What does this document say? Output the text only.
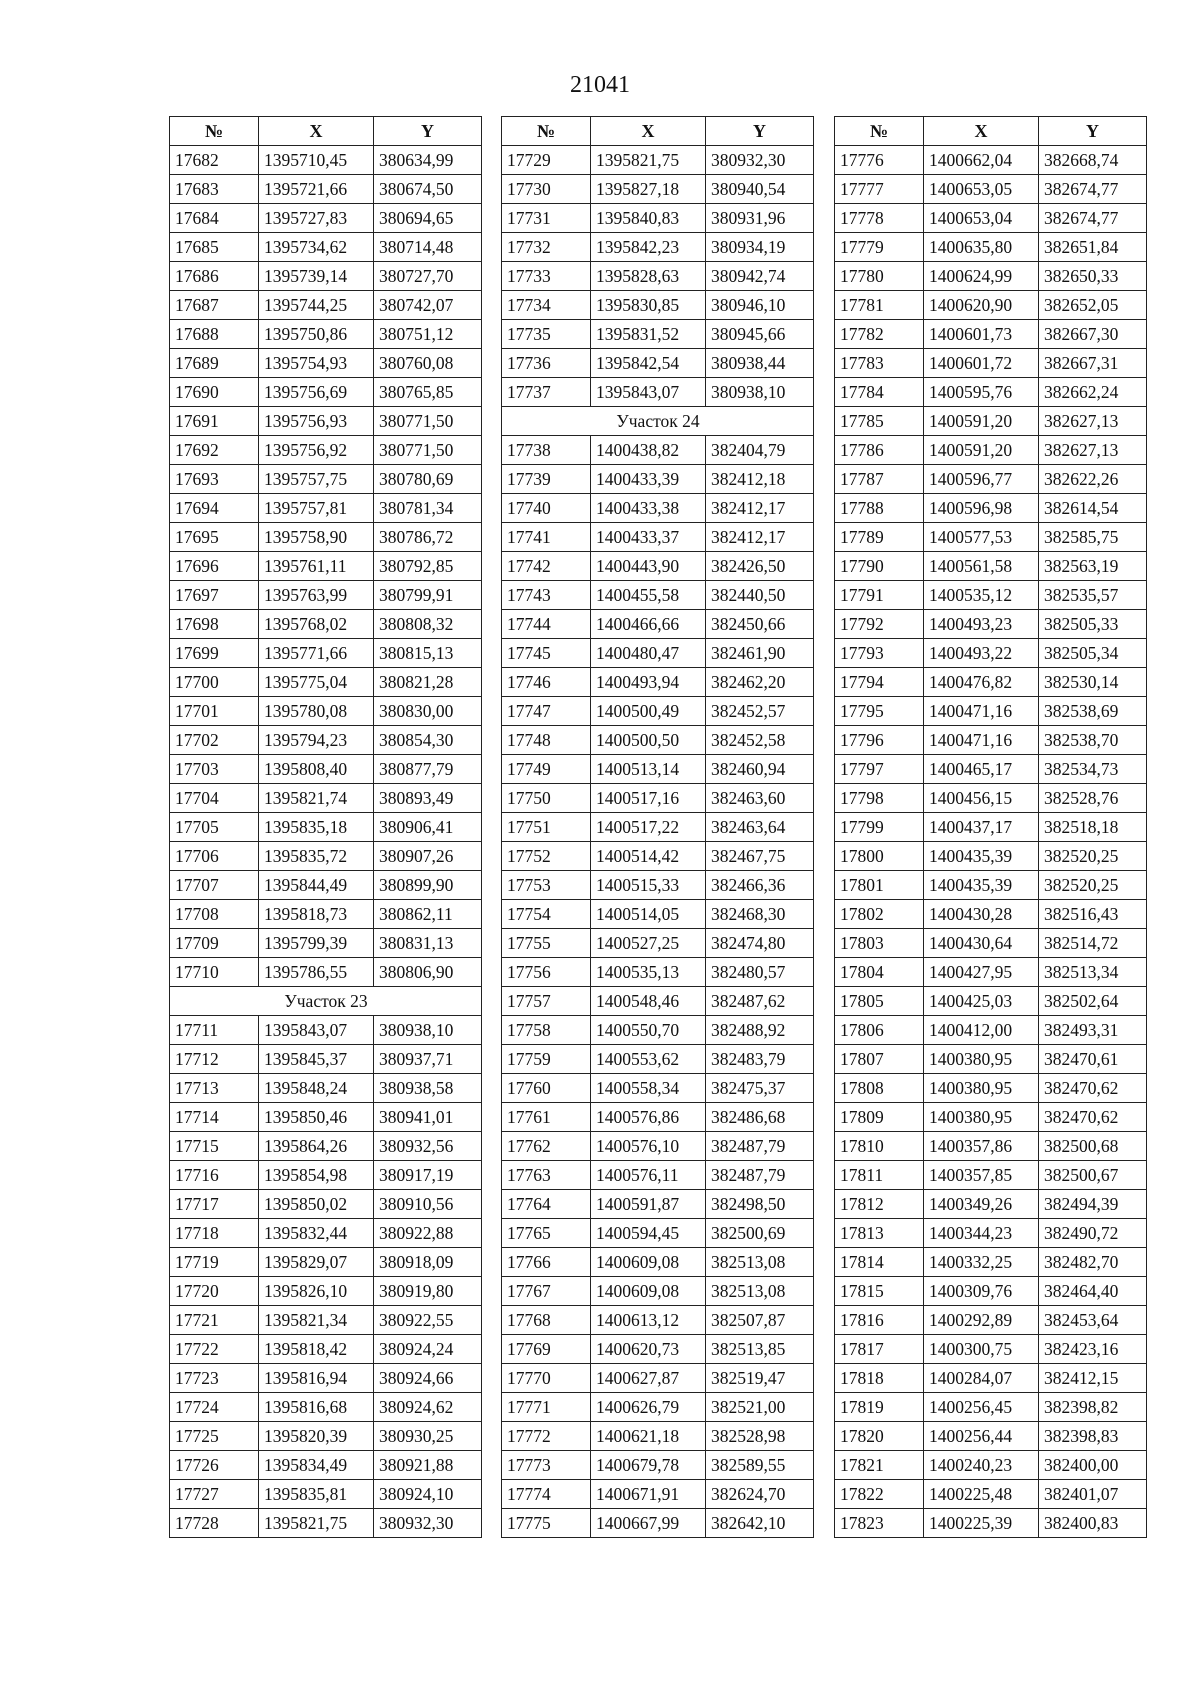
21041
№	X	Y
17682	1395710,45	380634,99
17683	1395721,66	380674,50
17684	1395727,83	380694,65
17685	1395734,62	380714,48
17686	1395739,14	380727,70
17687	1395744,25	380742,07
17688	1395750,86	380751,12
17689	1395754,93	380760,08
17690	1395756,69	380765,85
17691	1395756,93	380771,50
17692	1395756,92	380771,50
17693	1395757,75	380780,69
17694	1395757,81	380781,34
17695	1395758,90	380786,72
17696	1395761,11	380792,85
17697	1395763,99	380799,91
17698	1395768,02	380808,32
17699	1395771,66	380815,13
17700	1395775,04	380821,28
17701	1395780,08	380830,00
17702	1395794,23	380854,30
17703	1395808,40	380877,79
17704	1395821,74	380893,49
17705	1395835,18	380906,41
17706	1395835,72	380907,26
17707	1395844,49	380899,90
17708	1395818,73	380862,11
17709	1395799,39	380831,13
17710	1395786,55	380806,90
Участок 23		
17711	1395843,07	380938,10
17712	1395845,37	380937,71
17713	1395848,24	380938,58
17714	1395850,46	380941,01
17715	1395864,26	380932,56
17716	1395854,98	380917,19
17717	1395850,02	380910,56
17718	1395832,44	380922,88
17719	1395829,07	380918,09
17720	1395826,10	380919,80
17721	1395821,34	380922,55
17722	1395818,42	380924,24
17723	1395816,94	380924,66
17724	1395816,68	380924,62
17725	1395820,39	380930,25
17726	1395834,49	380921,88
17727	1395835,81	380924,10
17728	1395821,75	380932,30
№	X	Y
17729	1395821,75	380932,30
17730	1395827,18	380940,54
17731	1395840,83	380931,96
17732	1395842,23	380934,19
17733	1395828,63	380942,74
17734	1395830,85	380946,10
17735	1395831,52	380945,66
17736	1395842,54	380938,44
17737	1395843,07	380938,10
Участок 24		
17738	1400438,82	382404,79
17739	1400433,39	382412,18
17740	1400433,38	382412,17
17741	1400433,37	382412,17
17742	1400443,90	382426,50
17743	1400455,58	382440,50
17744	1400466,66	382450,66
17745	1400480,47	382461,90
17746	1400493,94	382462,20
17747	1400500,49	382452,57
17748	1400500,50	382452,58
17749	1400513,14	382460,94
17750	1400517,16	382463,60
17751	1400517,22	382463,64
17752	1400514,42	382467,75
17753	1400515,33	382466,36
17754	1400514,05	382468,30
17755	1400527,25	382474,80
17756	1400535,13	382480,57
17757	1400548,46	382487,62
17758	1400550,70	382488,92
17759	1400553,62	382483,79
17760	1400558,34	382475,37
17761	1400576,86	382486,68
17762	1400576,10	382487,79
17763	1400576,11	382487,79
17764	1400591,87	382498,50
17765	1400594,45	382500,69
17766	1400609,08	382513,08
17767	1400609,08	382513,08
17768	1400613,12	382507,87
17769	1400620,73	382513,85
17770	1400627,87	382519,47
17771	1400626,79	382521,00
17772	1400621,18	382528,98
17773	1400679,78	382589,55
17774	1400671,91	382624,70
17775	1400667,99	382642,10
№	X	Y
17776	1400662,04	382668,74
17777	1400653,05	382674,77
17778	1400653,04	382674,77
17779	1400635,80	382651,84
17780	1400624,99	382650,33
17781	1400620,90	382652,05
17782	1400601,73	382667,30
17783	1400601,72	382667,31
17784	1400595,76	382662,24
17785	1400591,20	382627,13
17786	1400591,20	382627,13
17787	1400596,77	382622,26
17788	1400596,98	382614,54
17789	1400577,53	382585,75
17790	1400561,58	382563,19
17791	1400535,12	382535,57
17792	1400493,23	382505,33
17793	1400493,22	382505,34
17794	1400476,82	382530,14
17795	1400471,16	382538,69
17796	1400471,16	382538,70
17797	1400465,17	382534,73
17798	1400456,15	382528,76
17799	1400437,17	382518,18
17800	1400435,39	382520,25
17801	1400435,39	382520,25
17802	1400430,28	382516,43
17803	1400430,64	382514,72
17804	1400427,95	382513,34
17805	1400425,03	382502,64
17806	1400412,00	382493,31
17807	1400380,95	382470,61
17808	1400380,95	382470,62
17809	1400380,95	382470,62
17810	1400357,86	382500,68
17811	1400357,85	382500,67
17812	1400349,26	382494,39
17813	1400344,23	382490,72
17814	1400332,25	382482,70
17815	1400309,76	382464,40
17816	1400292,89	382453,64
17817	1400300,75	382423,16
17818	1400284,07	382412,15
17819	1400256,45	382398,82
17820	1400256,44	382398,83
17821	1400240,23	382400,00
17822	1400225,48	382401,07
17823	1400225,39	382400,83
